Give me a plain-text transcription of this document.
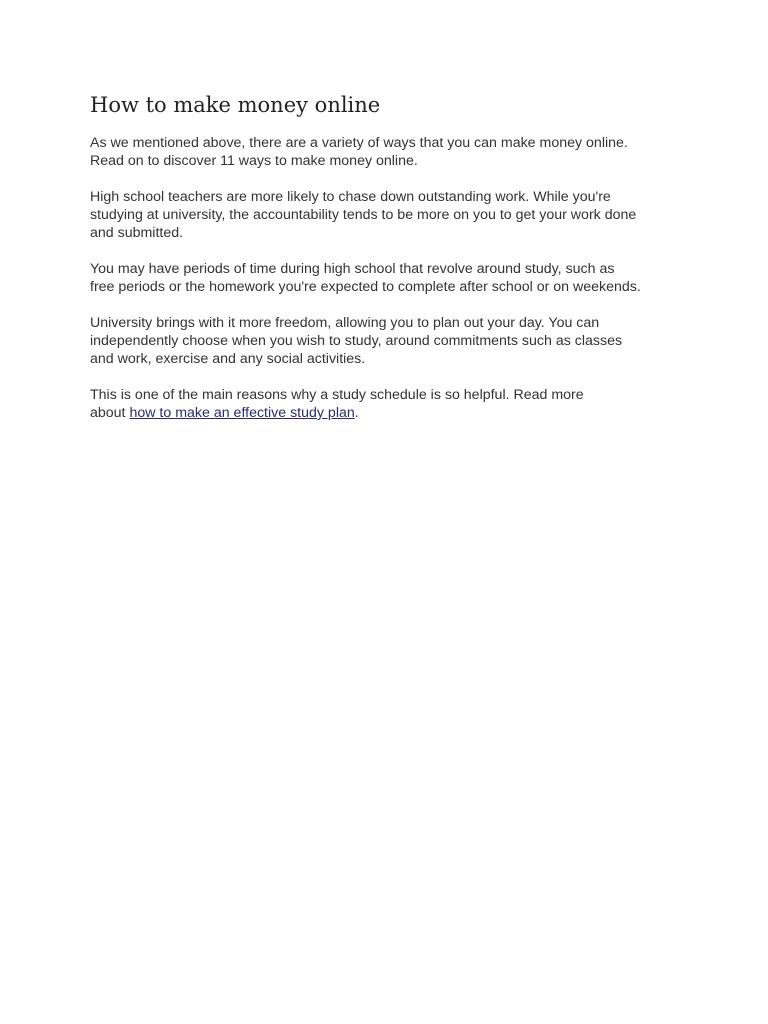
How to make money online

As we mentioned above, there are a variety of ways that you can make money online.
Read on to discover 11 ways to make money online.

High school teachers are more likely to chase down outstanding work. While you're
studying at university, the accountability tends to be more on you to get your work done
and submitted.

You may have periods of time during high school that revolve around study, such as
free periods or the homework you're expected to complete after school or on weekends.

University brings with it more freedom, allowing you to plan out your day. You can
independently choose when you wish to study, around commitments such as classes
and work, exercise and any social activities.

This is one of the main reasons why a study schedule is so helpful. Read more
about how to make an effective study plan.
